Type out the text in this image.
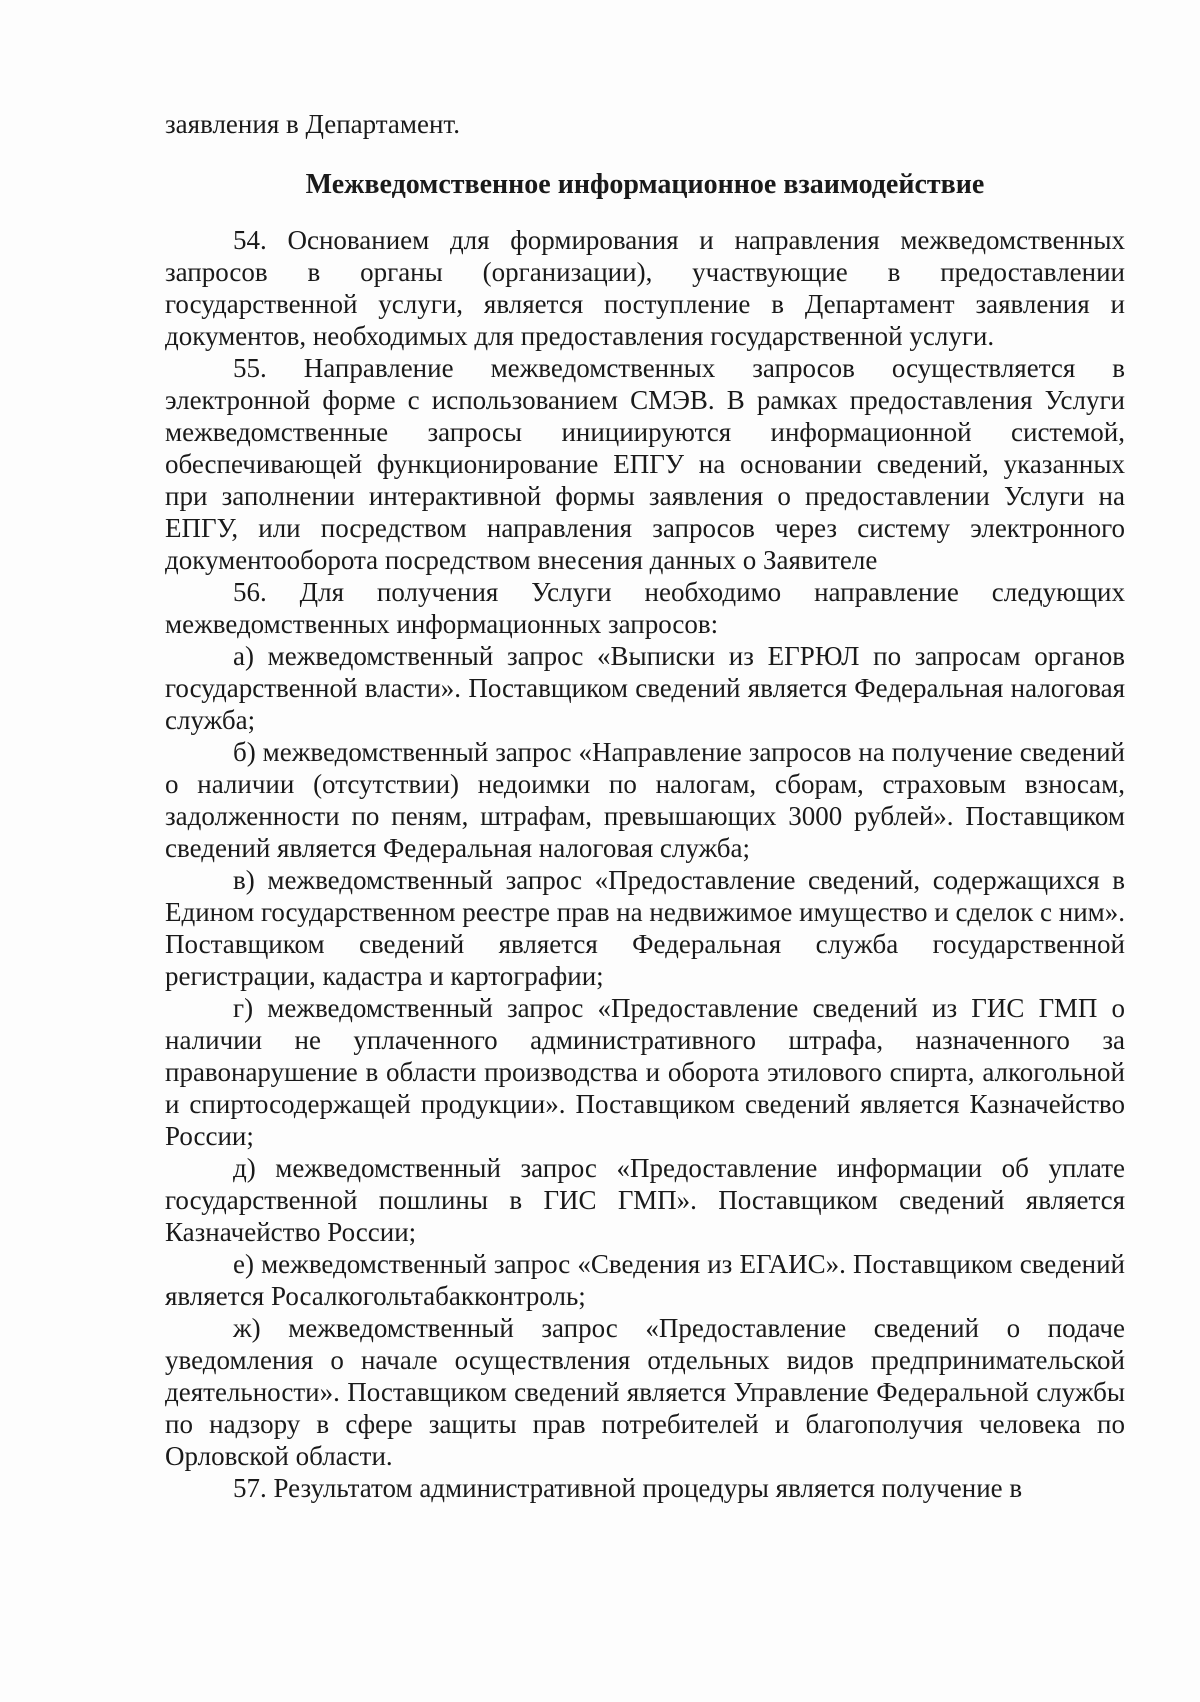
заявления в Департамент.

Межведомственное информационное взаимодействие

54. Основанием для формирования и направления межведомственных запросов в органы (организации), участвующие в предоставлении государственной услуги, является поступление в Департамент заявления и документов, необходимых для предоставления государственной услуги.

55. Направление межведомственных запросов осуществляется в электронной форме с использованием СМЭВ. В рамках предоставления Услуги межведомственные запросы инициируются информационной системой, обеспечивающей функционирование ЕПГУ на основании сведений, указанных при заполнении интерактивной формы заявления о предоставлении Услуги на ЕПГУ, или посредством направления запросов через систему электронного документооборота посредством внесения данных о Заявителе

56. Для получения Услуги необходимо направление следующих межведомственных информационных запросов:

а) межведомственный запрос «Выписки из ЕГРЮЛ по запросам органов государственной власти». Поставщиком сведений является Федеральная налоговая служба;

б) межведомственный запрос «Направление запросов на получение сведений о наличии (отсутствии) недоимки по налогам, сборам, страховым взносам, задолженности по пеням, штрафам, превышающих 3000 рублей». Поставщиком сведений является Федеральная налоговая служба;

в) межведомственный запрос «Предоставление сведений, содержащихся в Едином государственном реестре прав на недвижимое имущество и сделок с ним». Поставщиком сведений является Федеральная служба государственной регистрации, кадастра и картографии;

г) межведомственный запрос «Предоставление сведений из ГИС ГМП о наличии не уплаченного административного штрафа, назначенного за правонарушение в области производства и оборота этилового спирта, алкогольной и спиртосодержащей продукции». Поставщиком сведений является Казначейство России;

д) межведомственный запрос «Предоставление информации об уплате государственной пошлины в ГИС ГМП». Поставщиком сведений является Казначейство России;

е) межведомственный запрос «Сведения из ЕГАИС». Поставщиком сведений является Росалкогольтабакконтроль;

ж) межведомственный запрос «Предоставление сведений о подаче уведомления о начале осуществления отдельных видов предпринимательской деятельности». Поставщиком сведений является Управление Федеральной службы по надзору в сфере защиты прав потребителей и благополучия человека по Орловской области.

57. Результатом административной процедуры является получение в
